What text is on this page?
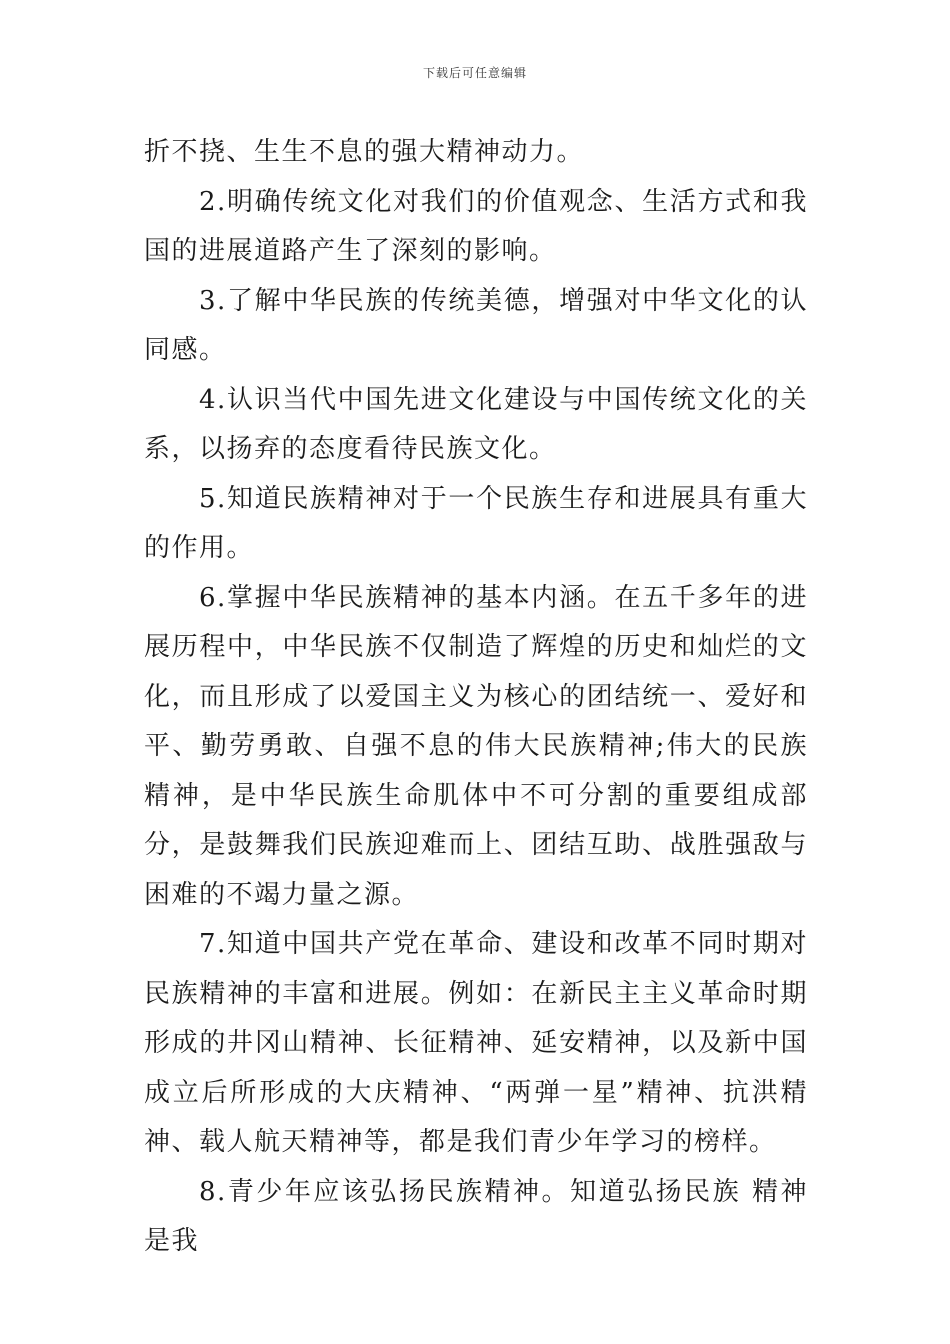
下载后可任意编辑

折不挠、生生不息的强大精神动力。

2.明确传统文化对我们的价值观念、生活方式和我国的进展道路产生了深刻的影响。

3.了解中华民族的传统美德，增强对中华文化的认同感。

4.认识当代中国先进文化建设与中国传统文化的关系，以扬弃的态度看待民族文化。

5.知道民族精神对于一个民族生存和进展具有重大的作用。

6.掌握中华民族精神的基本内涵。在五千多年的进展历程中，中华民族不仅制造了辉煌的历史和灿烂的文化，而且形成了以爱国主义为核心的团结统一、爱好和平、勤劳勇敢、自强不息的伟大民族精神;伟大的民族精神，是中华民族生命肌体中不可分割的重要组成部分，是鼓舞我们民族迎难而上、团结互助、战胜强敌与困难的不竭力量之源。

7.知道中国共产党在革命、建设和改革不同时期对民族精神的丰富和进展。例如：在新民主主义革命时期形成的井冈山精神、长征精神、延安精神，以及新中国成立后所形成的大庆精神、“两弹一星”精神、抗洪精神、载人航天精神等，都是我们青少年学习的榜样。

8.青少年应该弘扬民族精神。知道弘扬民族 精神是我
